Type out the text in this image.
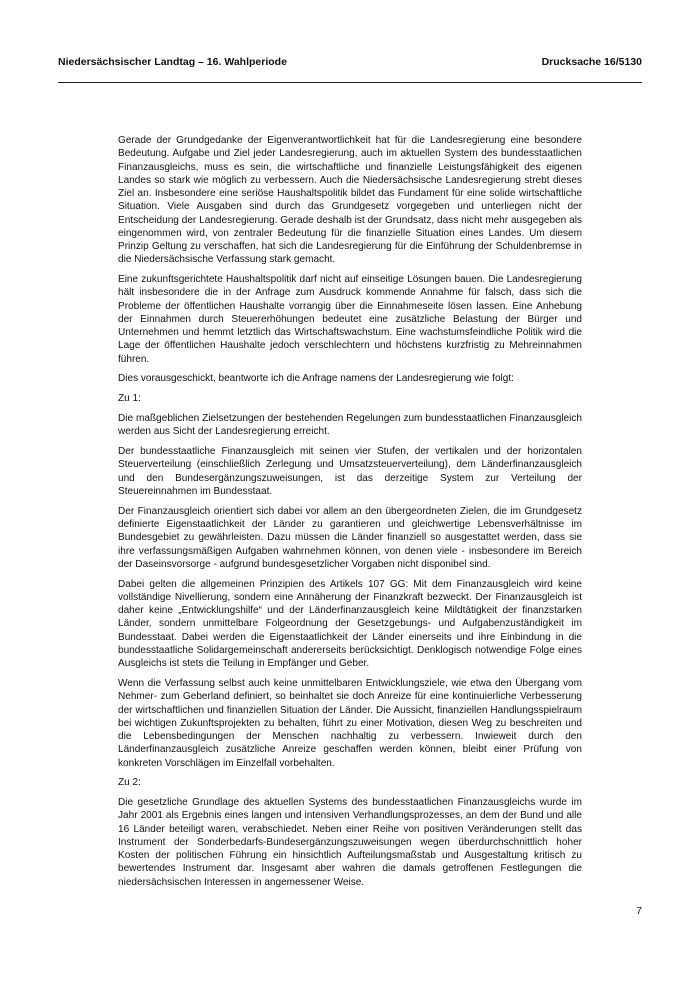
Niedersächsischer Landtag – 16. Wahlperiode	Drucksache 16/5130

Gerade der Grundgedanke der Eigenverantwortlichkeit hat für die Landesregierung eine besondere Bedeutung. Aufgabe und Ziel jeder Landesregierung, auch im aktuellen System des bundesstaatlichen Finanzausgleichs, muss es sein, die wirtschaftliche und finanzielle Leistungsfähigkeit des eigenen Landes so stark wie möglich zu verbessern. Auch die Niedersächsische Landesregierung strebt dieses Ziel an. Insbesondere eine seriöse Haushaltspolitik bildet das Fundament für eine solide wirtschaftliche Situation. Viele Ausgaben sind durch das Grundgesetz vorgegeben und unterliegen nicht der Entscheidung der Landesregierung. Gerade deshalb ist der Grundsatz, dass nicht mehr ausgegeben als eingenommen wird, von zentraler Bedeutung für die finanzielle Situation eines Landes. Um diesem Prinzip Geltung zu verschaffen, hat sich die Landesregierung für die Einführung der Schuldenbremse in die Niedersächsische Verfassung stark gemacht.

Eine zukunftsgerichtete Haushaltspolitik darf nicht auf einseitige Lösungen bauen. Die Landesregierung hält insbesondere die in der Anfrage zum Ausdruck kommende Annahme für falsch, dass sich die Probleme der öffentlichen Haushalte vorrangig über die Einnahmeseite lösen lassen. Eine Anhebung der Einnahmen durch Steuererhöhungen bedeutet eine zusätzliche Belastung der Bürger und Unternehmen und hemmt letztlich das Wirtschaftswachstum. Eine wachstumsfeindliche Politik wird die Lage der öffentlichen Haushalte jedoch verschlechtern und höchstens kurzfristig zu Mehreinnahmen führen.

Dies vorausgeschickt, beantworte ich die Anfrage namens der Landesregierung wie folgt:

Zu 1:

Die maßgeblichen Zielsetzungen der bestehenden Regelungen zum bundesstaatlichen Finanzausgleich werden aus Sicht der Landesregierung erreicht.

Der bundesstaatliche Finanzausgleich mit seinen vier Stufen, der vertikalen und der horizontalen Steuerverteilung (einschließlich Zerlegung und Umsatzsteuerverteilung), dem Länderfinanzausgleich und den Bundesergänzungszuweisungen, ist das derzeitige System zur Verteilung der Steuereinnahmen im Bundesstaat.

Der Finanzausgleich orientiert sich dabei vor allem an den übergeordneten Zielen, die im Grundgesetz definierte Eigenstaatlichkeit der Länder zu garantieren und gleichwertige Lebensverhältnisse im Bundesgebiet zu gewährleisten. Dazu müssen die Länder finanziell so ausgestattet werden, dass sie ihre verfassungsmäßigen Aufgaben wahrnehmen können, von denen viele - insbesondere im Bereich der Daseinsvorsorge - aufgrund bundesgesetzlicher Vorgaben nicht disponibel sind.

Dabei gelten die allgemeinen Prinzipien des Artikels 107 GG: Mit dem Finanzausgleich wird keine vollständige Nivellierung, sondern eine Annäherung der Finanzkraft bezweckt. Der Finanzausgleich ist daher keine „Entwicklungshilfe“ und der Länderfinanzausgleich keine Mildtätigkeit der finanzstarken Länder, sondern unmittelbare Folgeordnung der Gesetzgebungs- und Aufgabenzuständigkeit im Bundesstaat. Dabei werden die Eigenstaatlichkeit der Länder einerseits und ihre Einbindung in die bundesstaatliche Solidargemeinschaft andererseits berücksichtigt. Denklogisch notwendige Folge eines Ausgleichs ist stets die Teilung in Empfänger und Geber.

Wenn die Verfassung selbst auch keine unmittelbaren Entwicklungsziele, wie etwa den Übergang vom Nehmer- zum Geberland definiert, so beinhaltet sie doch Anreize für eine kontinuierliche Verbesserung der wirtschaftlichen und finanziellen Situation der Länder. Die Aussicht, finanziellen Handlungsspielraum bei wichtigen Zukunftsprojekten zu behalten, führt zu einer Motivation, diesen Weg zu beschreiten und die Lebensbedingungen der Menschen nachhaltig zu verbessern. Inwieweit durch den Länderfinanzausgleich zusätzliche Anreize geschaffen werden können, bleibt einer Prüfung von konkreten Vorschlägen im Einzelfall vorbehalten.

Zu 2:

Die gesetzliche Grundlage des aktuellen Systems des bundesstaatlichen Finanzausgleichs wurde im Jahr 2001 als Ergebnis eines langen und intensiven Verhandlungsprozesses, an dem der Bund und alle 16 Länder beteiligt waren, verabschiedet. Neben einer Reihe von positiven Veränderungen stellt das Instrument der Sonderbedarfs-Bundesergänzungszuweisungen wegen überdurchschnittlich hoher Kosten der politischen Führung ein hinsichtlich Aufteilungsmaßstab und Ausgestaltung kritisch zu bewertendes Instrument dar. Insgesamt aber wahren die damals getroffenen Festlegungen die niedersächsischen Interessen in angemessener Weise.

7
